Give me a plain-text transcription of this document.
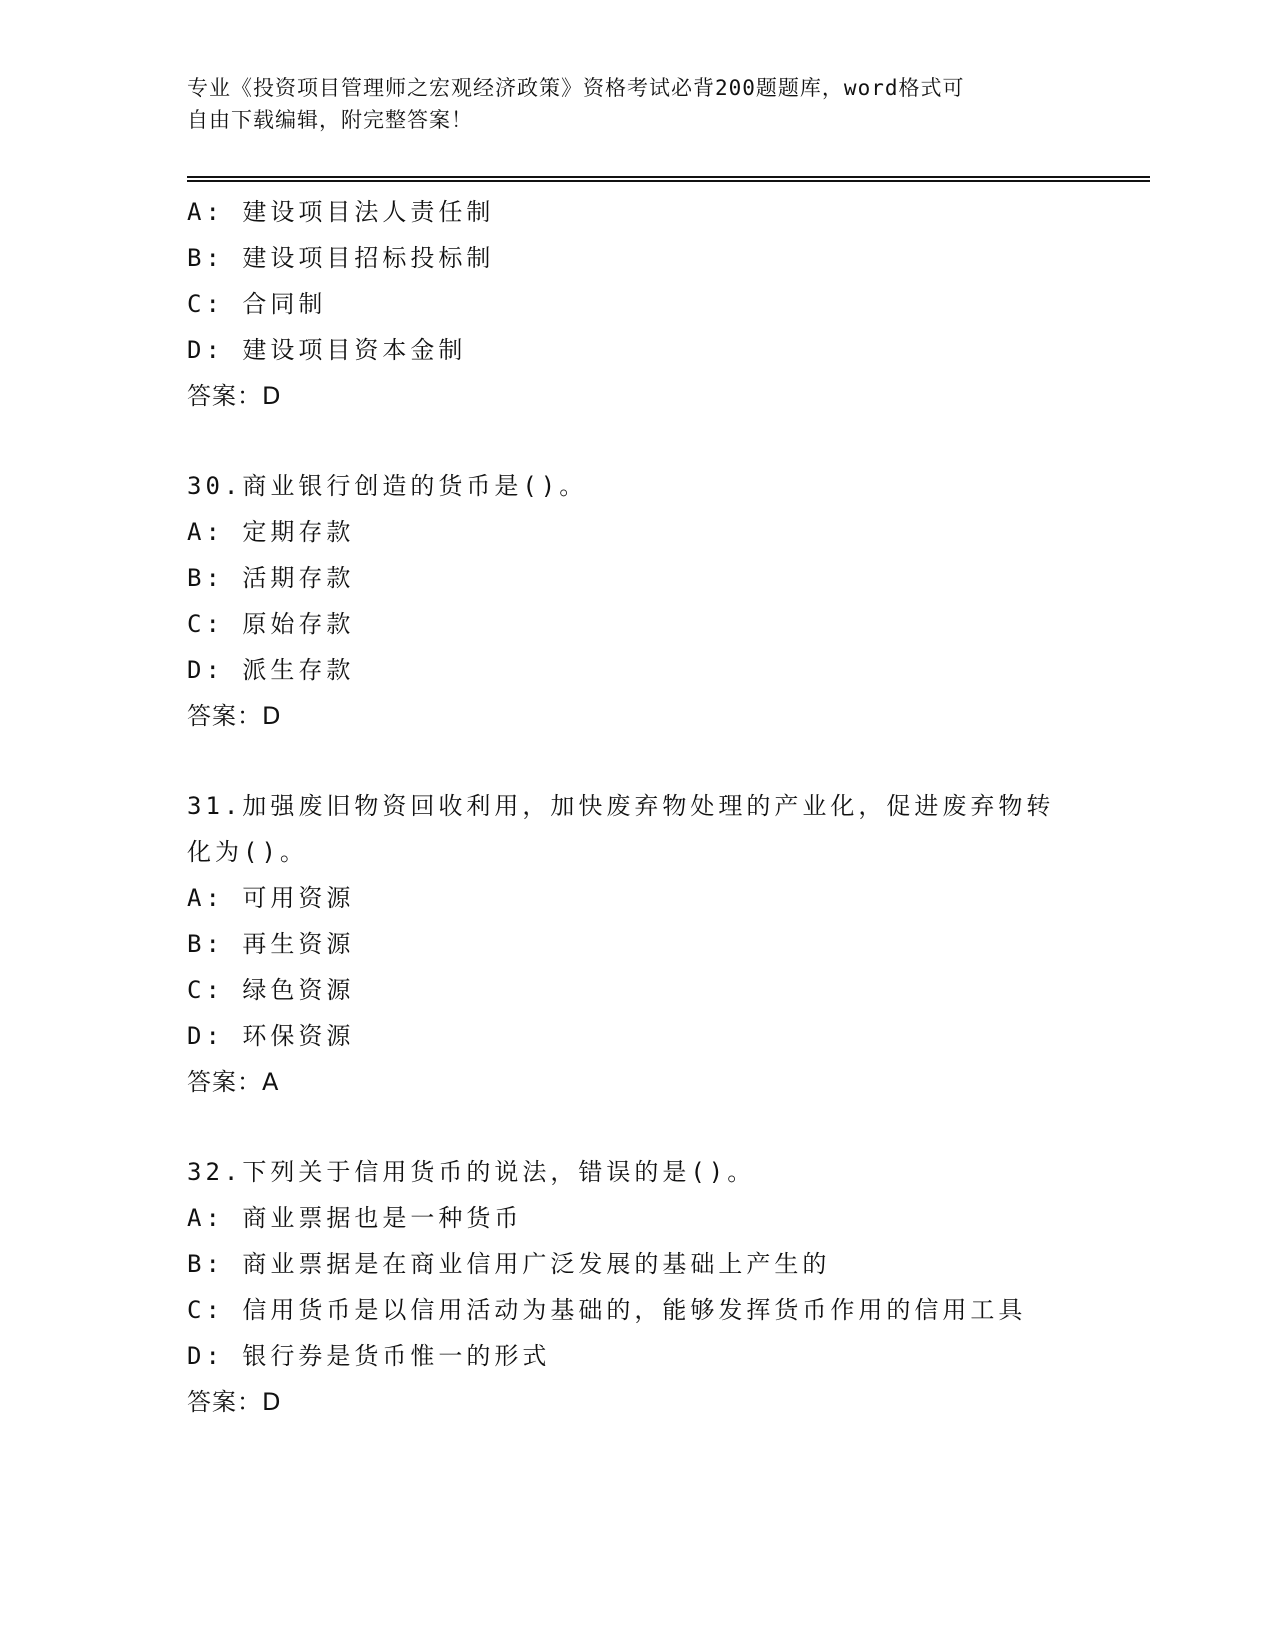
专业《投资项目管理师之宏观经济政策》资格考试必背200题题库，word格式可
自由下载编辑，附完整答案！
A: 建设项目法人责任制
B: 建设项目招标投标制
C: 合同制
D: 建设项目资本金制
答案：D
30.商业银行创造的货币是()。
A: 定期存款
B: 活期存款
C: 原始存款
D: 派生存款
答案：D
31.加强废旧物资回收利用，加快废弃物处理的产业化，促进废弃物转
化为()。
A: 可用资源
B: 再生资源
C: 绿色资源
D: 环保资源
答案：A
32.下列关于信用货币的说法，错误的是()。
A: 商业票据也是一种货币
B: 商业票据是在商业信用广泛发展的基础上产生的
C: 信用货币是以信用活动为基础的，能够发挥货币作用的信用工具
D: 银行券是货币惟一的形式
答案：D
